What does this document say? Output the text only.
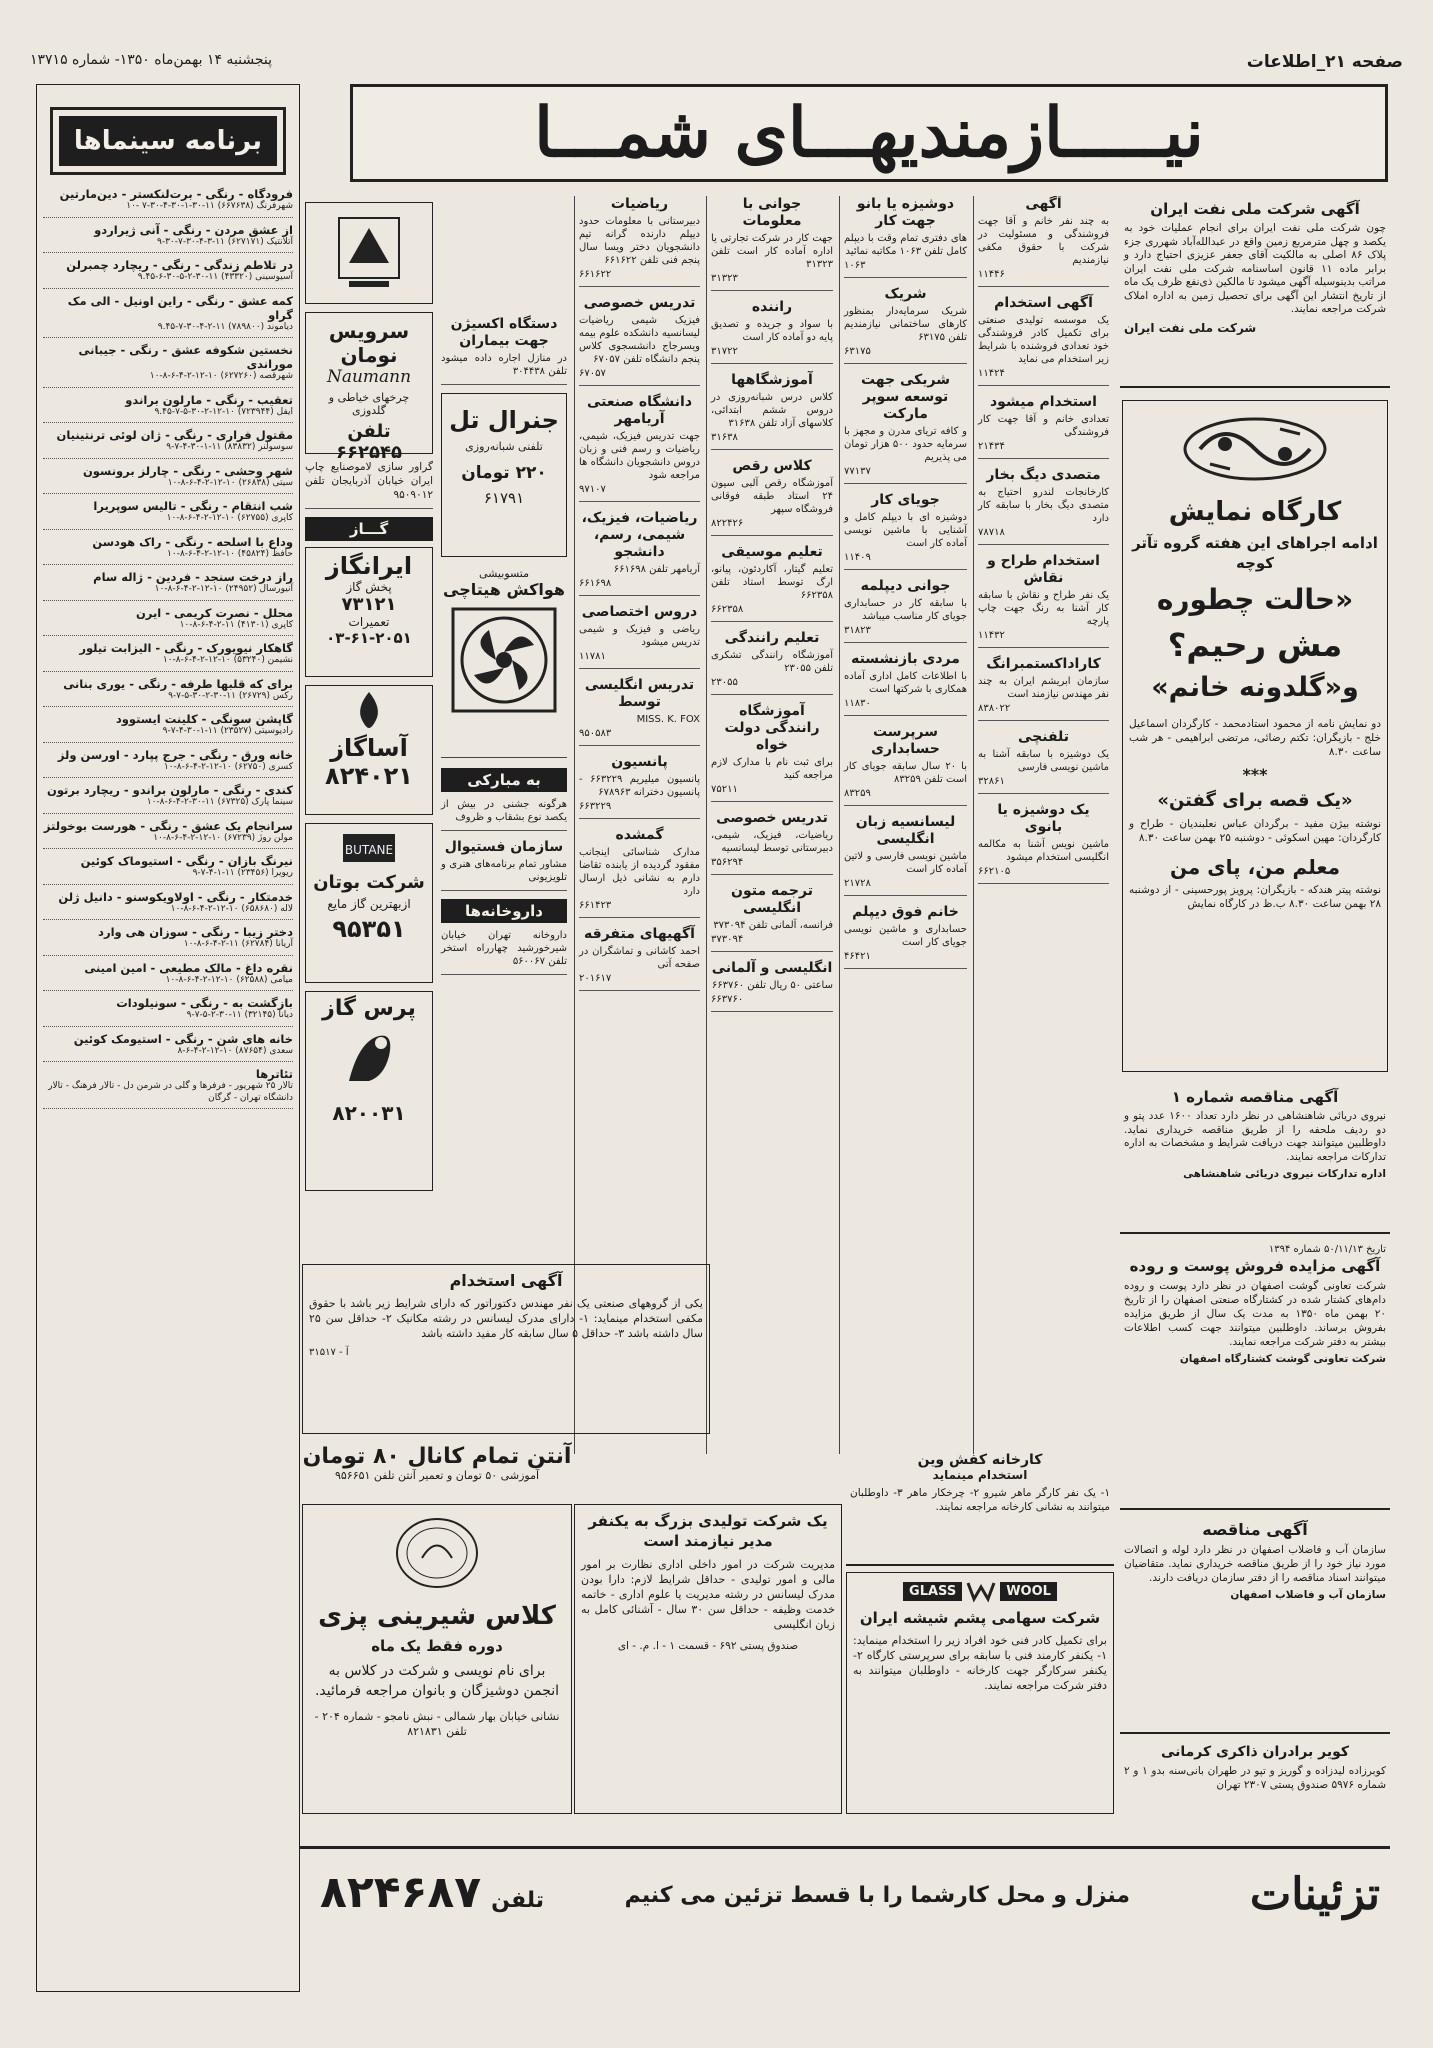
صفحه ۲۱_اطلاعات
پنجشنبه ۱۴ بهمن‌ماه ۱۳۵۰- شماره ۱۳۷۱۵
برنامه سینماها
فرودگاه - رنگی - برت‌لنکستر - دین‌مارتین

شهرفرنگ (۶۶۷۶۳۸) ۱۱-۳۰-۱-۳۰-۴-۳۰-۷ -۱۰

از عشق مردن - رنگی - آنی ژیراردو

آتلانتیک (۶۲۷۱۷۱) ۱۱-۳-۴-۳۰-۷-۳۰-۹

در تلاطم زندگی - رنگی - ریچارد چمبرلن

آسیوسینی (۴۳۳۲۰) ۱۱-۳۰-۲-۵-۳۰-۶-۹.۴۵

کمه عشق - رنگی - راین اونیل - الی مک گراو

دیاموند (۷۸۹۸۰۰) ۱۱-۲-۴-۳۰-۷-۹.۴۵

نخستین شکوفه عشق - رنگی - جیبانی موراندی

شهرقصه (۶۲۷۲۶۰) ۱۰-۱۲-۲-۴-۶-۸-۱۰

تعقیب - رنگی - مارلون براندو

ایفل (۷۲۳۹۴۴) ۱۰-۱۲-۲-۳۰-۵-۷-۹.۴۵

مقتول فراری - رنگی - ژان لوئی ترنتینیان

سوسولنر (۸۳۸۳۲) ۱۱-۱-۳۰-۴-۷-۹

شهر وحشی - رنگی - چارلز برونسون

سیتی (۲۶۸۳۸) ۱۰-۱۲-۲-۴-۶-۸-۱۰

شب انتقام - رنگی - تالیس سوپریرا

کاپری (۶۲۷۵۵) ۱۰-۱۲-۲-۴-۶-۸-۱۰

وداع با اسلحه - رنگی - راک هودسن

حافظ (۴۵۸۲۴) ۱۰-۱۲-۲-۴-۶-۸-۱۰

راز درخت سنجد - فردین - ژاله سام

آنیورسال (۲۴۹۵۲) ۱۰-۱۲-۲-۴-۶-۸-۱۰

محلل - نصرت کریمی - ایرن

کاپری (۴۱۳۰۱) ۱۱-۲-۴-۶-۸-۱۰

گاهکار نیویورک - رنگی - الیزابت تیلور

نشیمن (۵۳۲۴۰) ۱۰-۱۲-۲-۴-۶-۸-۱۰

برای که قلبها طرفه - رنگی - یوری بنانی

رکس (۲۶۷۲۹) ۱۱-۳۰-۲-۳۰-۵-۷-۹

گاپشن سونگی - کلینت ایستوود

رادیوسیتی (۲۳۵۲۷) ۱۱-۱-۳۰-۴-۷-۹

خانه ورق - رنگی - جرج پپارد - اورسن ولز

کسری (۶۲۷۵۰) ۱۰-۱۲-۲-۴-۶-۸-۱۰

کندی - رنگی - مارلون براندو - ریچارد برتون

سینما پارک (۶۷۳۲۵) ۱۱-۳۰-۲-۴-۶-۸-۱۰

سرانجام یک عشق - رنگی - هورست بوخولتز

مولن روژ (۶۷۲۳۹) ۱۰-۱۲-۲-۴-۶-۸-۱۰

نیرنگ بازان - رنگی - استیوماک کوئین

ریویرا (۲۳۴۵۶) ۱۱-۱-۴-۷-۹

خدمتکار - رنگی - اولاویکوسنو - دانیل ژلن

لاله (۶۵۸۶۸۰) ۱۰-۱۲-۲-۴-۶-۸-۱۰

دختر زیبا - رنگی - سوزان هی وارد

آریانا (۶۲۷۸۴) ۱۱-۲-۴-۶-۸-۱۰

نقره داغ - مالک مطیعی - امین امینی

میامی (۶۲۵۸۸) ۱۰-۱۲-۲-۴-۶-۸-۱۰

بازگشت به - رنگی - سونیلودات

دیانا (۳۲۱۴۵) ۱۱-۳۰-۲-۵-۷-۹

خانه های شن - رنگی - استیومک کوئین

سعدی (۸۷۶۵۴) ۱۰-۱۲-۲-۴-۶-۸

تئاترها

تالار ۲۵ شهریور - فرفرها و گلی در شرمن دل - تالار فرهنگ - تالار دانشگاه تهران - گرگان

نیـــــازمندیهـــای شمـــا
آگهی شرکت ملی نفت ایران

چون شرکت ملی نفت ایران برای انجام عملیات خود به یکصد و چهل مترمربع زمین واقع در عبدالله‌آباد شهرری جزء پلاک ۸۶ اصلی به مالکیت آقای جعفر عزیزی احتیاج دارد و برابر ماده ۱۱ قانون اساسنامه شرکت ملی نفت ایران مراتب بدینوسیله آگهی میشود تا مالکین ذی‌نفع ظرف یک ماه از تاریخ انتشار این آگهی برای تحصیل زمین به اداره املاک شرکت مراجعه نمایند.

شرکت ملی نفت ایران
کارگاه نمایش
ادامه اجراهای این هفته گروه تآتر کوچه
«حالت چطوره
مش رحیم؟
و«گلدونه خانم»

دو نمایش نامه از محمود استادمحمد - کارگردان اسماعیل خلج - بازیگران: تکتم رضائی، مرتضی ابراهیمی - هر شب ساعت ۸.۳۰

***
«یک قصه برای گفتن»

نوشته بیژن مفید - برگردان عباس نعلبندیان - طراح و کارگردان: مهین اسکوئی - دوشنبه ۲۵ بهمن ساعت ۸.۳۰

معلم من، پای من

نوشته پیتر هندکه - بازیگران: پرویز پورحسینی - از دوشنبه ۲۸ بهمن ساعت ۸.۳۰ ب.ظ در کارگاه نمایش

آگهی مناقصه شماره ۱

نیروی دریائی شاهنشاهی در نظر دارد تعداد ۱۶۰۰ عدد پتو و دو ردیف ملحفه را از طریق مناقصه خریداری نماید. داوطلبین میتوانند جهت دریافت شرایط و مشخصات به اداره تدارکات مراجعه نمایند.

اداره تدارکات نیروی دریائی شاهنشاهی
تاریخ ۵۰/۱۱/۱۳ شماره ۱۳۹۴
آگهی مزایده فروش پوست و روده

شرکت تعاونی گوشت اصفهان در نظر دارد پوست و روده دام‌های کشتار شده در کشتارگاه صنعتی اصفهان را از تاریخ ۲۰ بهمن ماه ۱۳۵۰ به مدت یک سال از طریق مزایده بفروش برساند. داوطلبین میتوانند جهت کسب اطلاعات بیشتر به دفتر شرکت مراجعه نمایند.

شرکت تعاونی گوشت کشتارگاه اصفهان
آگهی مناقصه

سازمان آب و فاضلاب اصفهان در نظر دارد لوله و اتصالات مورد نیاز خود را از طریق مناقصه خریداری نماید. متقاضیان میتوانند اسناد مناقصه را از دفتر سازمان دریافت دارند.

سازمان آب و فاضلاب اصفهان
کویر برادران ذاکری کرمانی

کوبرزاده لیدزاده و گوریز و تپو در طهران بانی‌سنه بدو ۱ و ۲ شماره ۵۹۷۶ صندوق پستی ۲۳۰۷ تهران

آگهی

به چند نفر خانم و آقا جهت فروشندگی و مسئولیت در شرکت با حقوق مکفی نیازمندیم

۱۱۴۴۶
آگهی استخدام

یک موسسه تولیدی صنعتی برای تکمیل کادر فروشندگی خود تعدادی فروشنده با شرایط زیر استخدام می نماید

۱۱۴۲۴
استخدام میشود

تعدادی خانم و آقا جهت کار فروشندگی

۲۱۴۳۴
متصدی دیگ بخار

کارخانجات لندرو احتیاج به متصدی دیگ بخار با سابقه کار دارد

۷۸۷۱۸
استخدام طراح و نقاش

یک نفر طراح و نقاش با سابقه کار آشنا به رنگ جهت چاپ پارچه

۱۱۴۳۲
کاراداکستمبرانگ

سازمان ابریشم ایران به چند نفر مهندس نیازمند است

۸۳۸۰۲۲
تلفنچی

یک دوشیزه با سابقه آشنا به ماشین نویسی فارسی

۳۲۸۶۱
یک دوشیزه یا بانوی

ماشین نویس آشنا به مکالمه انگلیسی استخدام میشود

۶۶۲۱۰۵
دوشیزه یا بانو جهت کار

های دفتری تمام وقت با دیپلم کامل تلفن ۱۰۶۳ مکاتبه نمائید

۱۰۶۳
شریک

شریک سرمایه‌دار بمنظور کارهای ساختمانی نیازمندیم تلفن ۶۳۱۷۵

۶۳۱۷۵
شریکی جهت توسعه سوپر مارکت

و کافه تریای مدرن و مجهز با سرمایه حدود ۵۰۰ هزار تومان می پذیریم

۷۷۱۳۷
جویای کار

دوشیزه ای با دیپلم کامل و آشنایی با ماشین نویسی آماده کار است

۱۱۴۰۹
جوانی دیپلمه

با سابقه کار در حسابداری جویای کار مناسب میباشد

۳۱۸۲۳
مردی بازنشسته

با اطلاعات کامل اداری آماده همکاری با شرکتها است

۱۱۸۳۰
سرپرست حسابداری

با ۲۰ سال سابقه جویای کار است تلفن ۸۳۲۵۹

۸۳۲۵۹
لیسانسیه زبان انگلیسی

ماشین نویسی فارسی و لاتین آماده کار است

۲۱۷۲۸
خانم فوق دیپلم

حسابداری و ماشین نویسی جویای کار است

۴۶۴۲۱
جوانی با معلومات

جهت کار در شرکت تجارتی یا اداره آماده کار است تلفن ۳۱۳۲۳

۳۱۳۲۳
راننده

با سواد و جریده و تصدیق پایه دو آماده کار است

۳۱۷۲۲
آموزشگاهها

کلاس درس شبانه‌روزی در دروس ششم ابتدائی، کلاسهای آزاد تلفن ۳۱۶۳۸

۳۱۶۳۸
کلاس رقص

آموزشگاه رقص آلبی سیون ۲۴ استاد طبقه فوقانی فروشگاه سپهر

۸۲۲۴۲۶
تعلیم موسیقی

تعلیم گیتار، آکاردئون، پیانو، ارگ توسط استاد تلفن ۶۶۲۳۵۸

۶۶۲۳۵۸
تعلیم رانندگی

آموزشگاه رانندگی تشکری تلفن ۲۳۰۵۵

۲۳۰۵۵
آموزشگاه رانندگی دولت خواه

برای ثبت نام با مدارک لازم مراجعه کنید

۷۵۲۱۱
تدریس خصوصی

ریاضیات، فیزیک، شیمی، دبیرستانی توسط لیسانسیه

۳۵۶۲۹۴
ترجمه متون انگلیسی

فرانسه، آلمانی تلفن ۳۷۳۰۹۴

۳۷۳۰۹۴
انگلیسی و آلمانی

ساعتی ۵۰ ریال تلفن ۶۶۳۷۶۰

۶۶۳۷۶۰
ریاضیات

دبیرستانی با معلومات حدود دیپلم دارنده گرانه تیم دانشجویان دختر ویسا سال پنجم فنی تلفن ۶۶۱۶۲۲

۶۶۱۶۲۲
تدریس خصوصی

فیزیک شیمی ریاضیات لیسانسیه دانشکده علوم بیمه ویسرجاج دانشسجوی کلاس پنجم دانشگاه تلفن ۶۷۰۵۷

۶۷۰۵۷
دانشگاه صنعتی آریامهر

جهت تدریس فیزیک، شیمی، ریاضیات و رسم فنی و زبان دروس دانشجویان دانشگاه ها مراجعه شود

۹۷۱۰۷
ریاضیات، فیزیک، شیمی، رسم، دانشجو

آریامهر تلفن ۶۶۱۶۹۸

۶۶۱۶۹۸
دروس اختصاصی

ریاضی و فیزیک و شیمی تدریس میشود

۱۱۷۸۱
تدریس انگلیسی توسط

MISS. K. FOX

۹۵۰۵۸۳
پانسیون

پانسیون میلیریم ۶۶۳۲۲۹ - پانسیون دخترانه ۶۷۸۹۶۳

۶۶۳۲۲۹
گمشده

مدارک شناسائی اینجانب مفقود گردیده از یابنده تقاضا دارم به نشانی ذیل ارسال دارد

۶۶۱۴۲۳
آگهیهای متفرقه

احمد کاشانی و تماشگران در صفحه آتی

۲۰۱۶۱۷
دستگاه اکسیژن جهت بیماران

در منازل اجاره داده میشود تلفن ۳۰۴۴۳۸

جنرال تل
تلفنی شبانه‌روزی
۲۲۰ تومان
۶۱۷۹۱
متسوبیشی
هواکش هیتاچی
به مبارکی

هرگونه جشنی در بیش از یکصد نوع بشقاب و ظروف

سازمان فستیوال

مشاور تمام برنامه‌های هنری و تلویزیونی

داروخانه‌ها

داروخانه تهران خیابان شیرخورشید چهارراه استخر تلفن ۵۶۰۰۶۷

سرویس نومان
Naumann
چرخهای خیاطی و گلدوزی
تلفن ۶۶۲۵۴۵

گراور سازی لاموصنایع چاپ ایران خیابان آذربایجان تلفن ۹۵۰۹۰۱۲

گـــاز
ایرانگاز
پخش گاز
۷۳۱۲۱
تعمیرات
۰۳-۶۱-۲۰۵۱
آساگاز
۸۲۴۰۲۱
BUTANE
شرکت بوتان
ازبهترین گاز مایع
۹۵۳۵۱
پرس گاز
۸۲۰۰۳۱
آگهی استخدام

یکی از گروههای صنعتی یک نفر مهندس دکتوراتور که دارای شرایط زیر باشد با حقوق مکفی استخدام مینماید: ۱- دارای مدرک لیسانس در رشته مکانیک ۲- حداقل سن ۲۵ سال داشته باشد ۳- حداقل ۵ سال سابقه کار مفید داشته باشد

آ - ۳۱۵۱۷
آنتن تمام کانال ۸۰ تومان
آموزشی ۵۰ تومان و تعمیر آنتن تلفن ۹۵۶۶۵۱
کلاس شیرینی پزی
دوره فقط یک ماه
برای نام نویسی و شرکت در کلاس به انجمن دوشیزگان و بانوان مراجعه فرمائید.
نشانی خیابان بهار شمالی - نبش نامجو - شماره ۲۰۴ - تلفن ۸۲۱۸۳۱
یک شرکت تولیدی بزرگ به یکنفر مدیر نیازمند است

مدیریت شرکت در امور داخلی اداری نظارت بر امور مالی و امور تولیدی - حداقل شرایط لازم: دارا بودن مدرک لیسانس در رشته مدیریت یا علوم اداری - خاتمه خدمت وظیفه - حداقل سن ۳۰ سال - آشنائی کامل به زبان انگلیسی

صندوق پستی ۶۹۲ - قسمت ۱ - ا. م. - ای
کارخانه کفش وین
استخدام مینماید

۱- یک نفر کارگر ماهر شیرو ۲- چرخکار ماهر ۳- داوطلبان میتوانند به نشانی کارخانه مراجعه نمایند.

GLASS	WOOL
شرکت سهامی پشم شیشه ایران

برای تکمیل کادر فنی خود افراد زیر را استخدام مینماید: ۱- یکنفر کارمند فنی با سابقه برای سرپرستی کارگاه ۲- یکنفر سرکارگر جهت کارخانه - داوطلبان میتوانند به دفتر شرکت مراجعه نمایند.

تزئینات
منزل و محل کارشما را با قسط تزئین می کنیم
تلفن
۸۲۴۶۸۷
